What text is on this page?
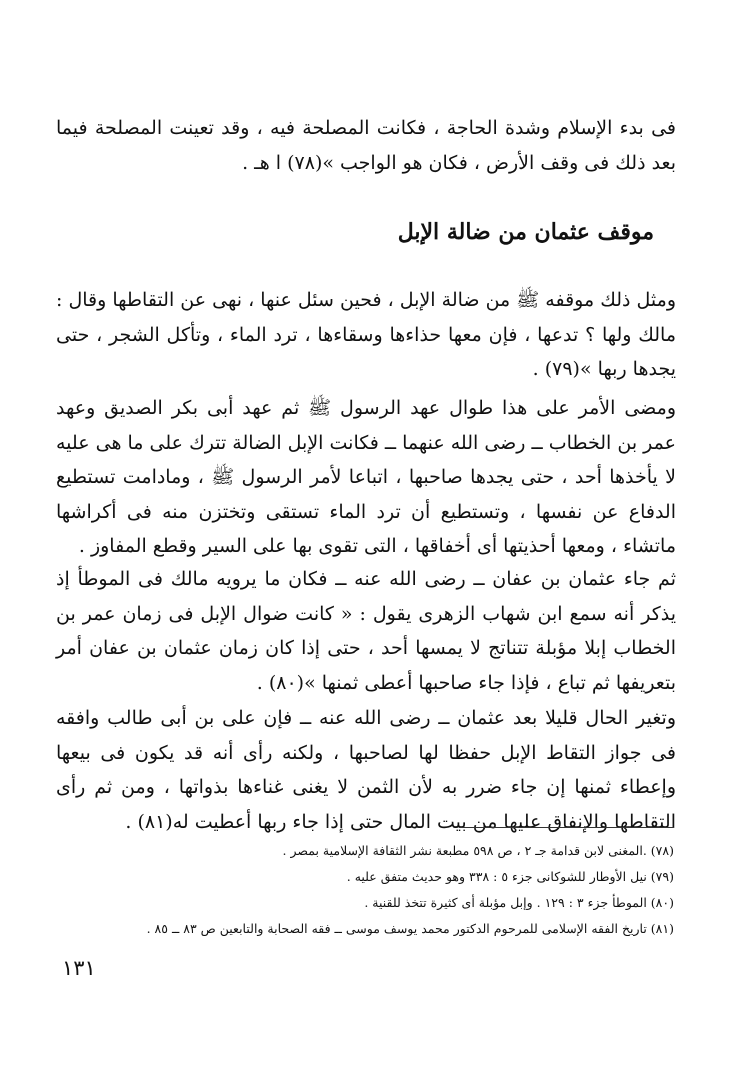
فى بدء الإسلام وشدة الحاجة ، فكانت المصلحة فيه ، وقد تعينت المصلحة فيما بعد ذلك فى وقف الأرض ، فكان هو الواجب »(٧٨) ا هـ .

موقف عثمان من ضالة الإبل

ومثل ذلك موقفه ﷺ من ضالة الإبل ، فحين سئل عنها ، نهى عن التقاطها وقال : مالك ولها ؟ تدعها ، فإن معها حذاءها وسقاءها ، ترد الماء ، وتأكل الشجر ، حتى يجدها ربها »(٧٩) .

ومضى الأمر على هذا طوال عهد الرسول ﷺ ثم عهد أبى بكر الصديق وعهد عمر بن الخطاب ــ رضى الله عنهما ــ فكانت الإبل الضالة تترك على ما هى عليه لا يأخذها أحد ، حتى يجدها صاحبها ، اتباعا لأمر الرسول ﷺ ، ومادامت تستطيع الدفاع عن نفسها ، وتستطيع أن ترد الماء تستقى وتختزن منه فى أكراشها ماتشاء ، ومعها أحذيتها أى أخفاقها ، التى تقوى بها على السير وقطع المفاوز .

ثم جاء عثمان بن عفان ــ رضى الله عنه ــ فكان ما يرويه مالك فى الموطأ إذ يذكر أنه سمع ابن شهاب الزهرى يقول : « كانت ضوال الإبل فى زمان عمر بن الخطاب إبلا مؤبلة تتناتج لا يمسها أحد ، حتى إذا كان زمان عثمان بن عفان أمر بتعريفها ثم تباع ، فإذا جاء صاحبها أعطى ثمنها »(٨٠) .

وتغير الحال قليلا بعد عثمان ــ رضى الله عنه ــ فإن على بن أبى طالب وافقه فى جواز التقاط الإبل حفظا لها لصاحبها ، ولكنه رأى أنه قد يكون فى بيعها وإعطاء ثمنها إن جاء ضرر به لأن الثمن لا يغنى غناءها بذواتها ، ومن ثم رأى التقاطها والإنفاق عليها من بيت المال حتى إذا جاء ربها أعطيت له(٨١) .

(٧٨) .المغنى لابن قدامة جـ ٢ ، ص ٥٩٨ مطبعة نشر الثقافة الإسلامية بمصر .
(٧٩) نيل الأوطار للشوكانى جزء ٥ : ٣٣٨ وهو حديث متفق عليه .
(٨٠) الموطأ جزء ٣ : ١٢٩ . وإبل مؤبلة أى كثيرة تتخذ للقنية .
(٨١) تاريخ الفقه الإسلامى للمرحوم الدكتور محمد يوسف موسى ــ فقه الصحابة والتابعين ص ٨٣ ــ ٨٥ .
١٣١
